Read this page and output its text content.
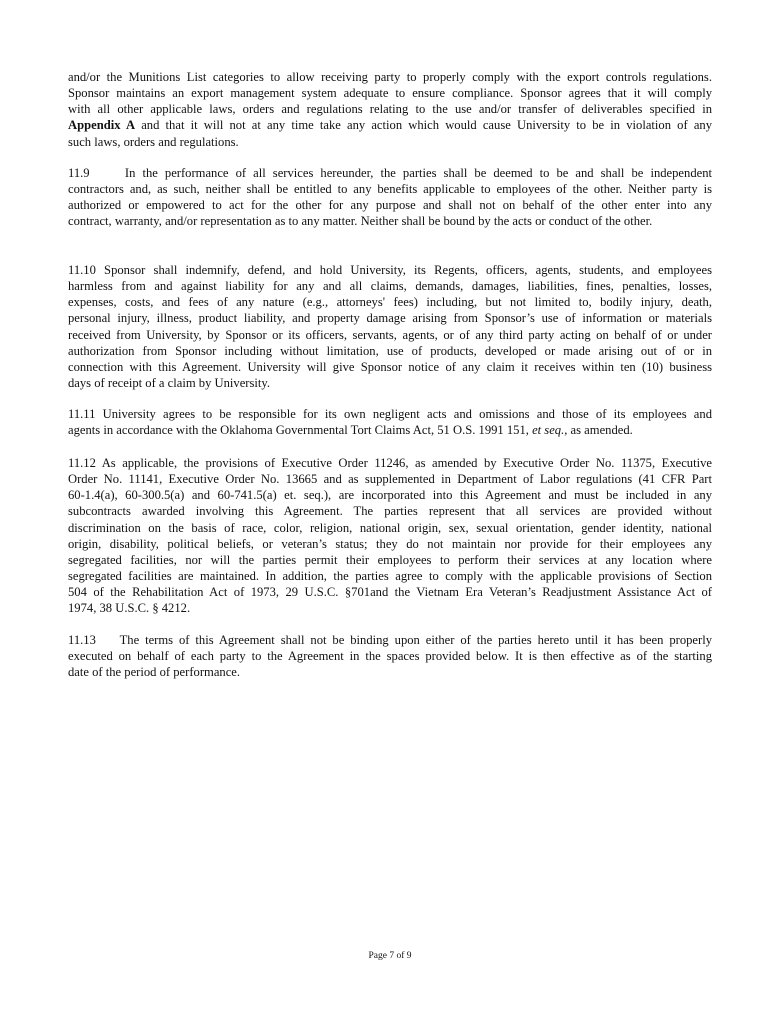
and/or the Munitions List categories to allow receiving party to properly comply with the export controls regulations.
Sponsor maintains an export management system adequate to ensure compliance. Sponsor agrees that it will comply
with all other applicable laws, orders and regulations relating to the use and/or transfer of deliverables specified in
Appendix A and that it will not at any time take any action which would cause University to be in violation of any
such laws, orders and regulations.
11.9     In the performance of all services hereunder, the parties shall be deemed to be and shall be independent
contractors and, as such, neither shall be entitled to any benefits applicable to employees of the other. Neither party is
authorized or empowered to act for the other for any purpose and shall not on behalf of the other enter into any
contract, warranty, and/or representation as to any matter. Neither shall be bound by the acts or conduct of the other.
11.10 Sponsor shall indemnify, defend, and hold University, its Regents, officers, agents, students, and employees
harmless from and against liability for any and all claims, demands, damages, liabilities, fines, penalties, losses,
expenses, costs, and fees of any nature (e.g., attorneys' fees) including, but not limited to, bodily injury, death,
personal injury, illness, product liability, and property damage arising from Sponsor’s use of information or materials
received from University, by Sponsor or its officers, servants, agents, or of any third party acting on behalf of or under
authorization from Sponsor including without limitation, use of products, developed or made arising out of or in
connection with this Agreement. University will give Sponsor notice of any claim it receives within ten (10) business
days of receipt of a claim by University.
11.11 University agrees to be responsible for its own negligent acts and omissions and those of its employees and
agents in accordance with the Oklahoma Governmental Tort Claims Act, 51 O.S. 1991 151, et seq., as amended.
11.12 As applicable, the provisions of Executive Order 11246, as amended by Executive Order No. 11375, Executive
Order No. 11141, Executive Order No. 13665 and as supplemented in Department of Labor regulations (41 CFR Part
60-1.4(a), 60-300.5(a) and 60-741.5(a) et. seq.), are incorporated into this Agreement and must be included in any
subcontracts awarded involving this Agreement. The parties represent that all services are provided without
discrimination on the basis of race, color, religion, national origin, sex, sexual orientation, gender identity, national
origin, disability, political beliefs, or veteran’s status; they do not maintain nor provide for their employees any
segregated facilities, nor will the parties permit their employees to perform their services at any location where
segregated facilities are maintained. In addition, the parties agree to comply with the applicable provisions of Section
504 of the Rehabilitation Act of 1973, 29 U.S.C. §701and the Vietnam Era Veteran’s Readjustment Assistance Act of
1974, 38 U.S.C. § 4212.
11.13    The terms of this Agreement shall not be binding upon either of the parties hereto until it has been properly
executed on behalf of each party to the Agreement in the spaces provided below. It is then effective as of the starting
date of the period of performance.
Page 7 of 9
